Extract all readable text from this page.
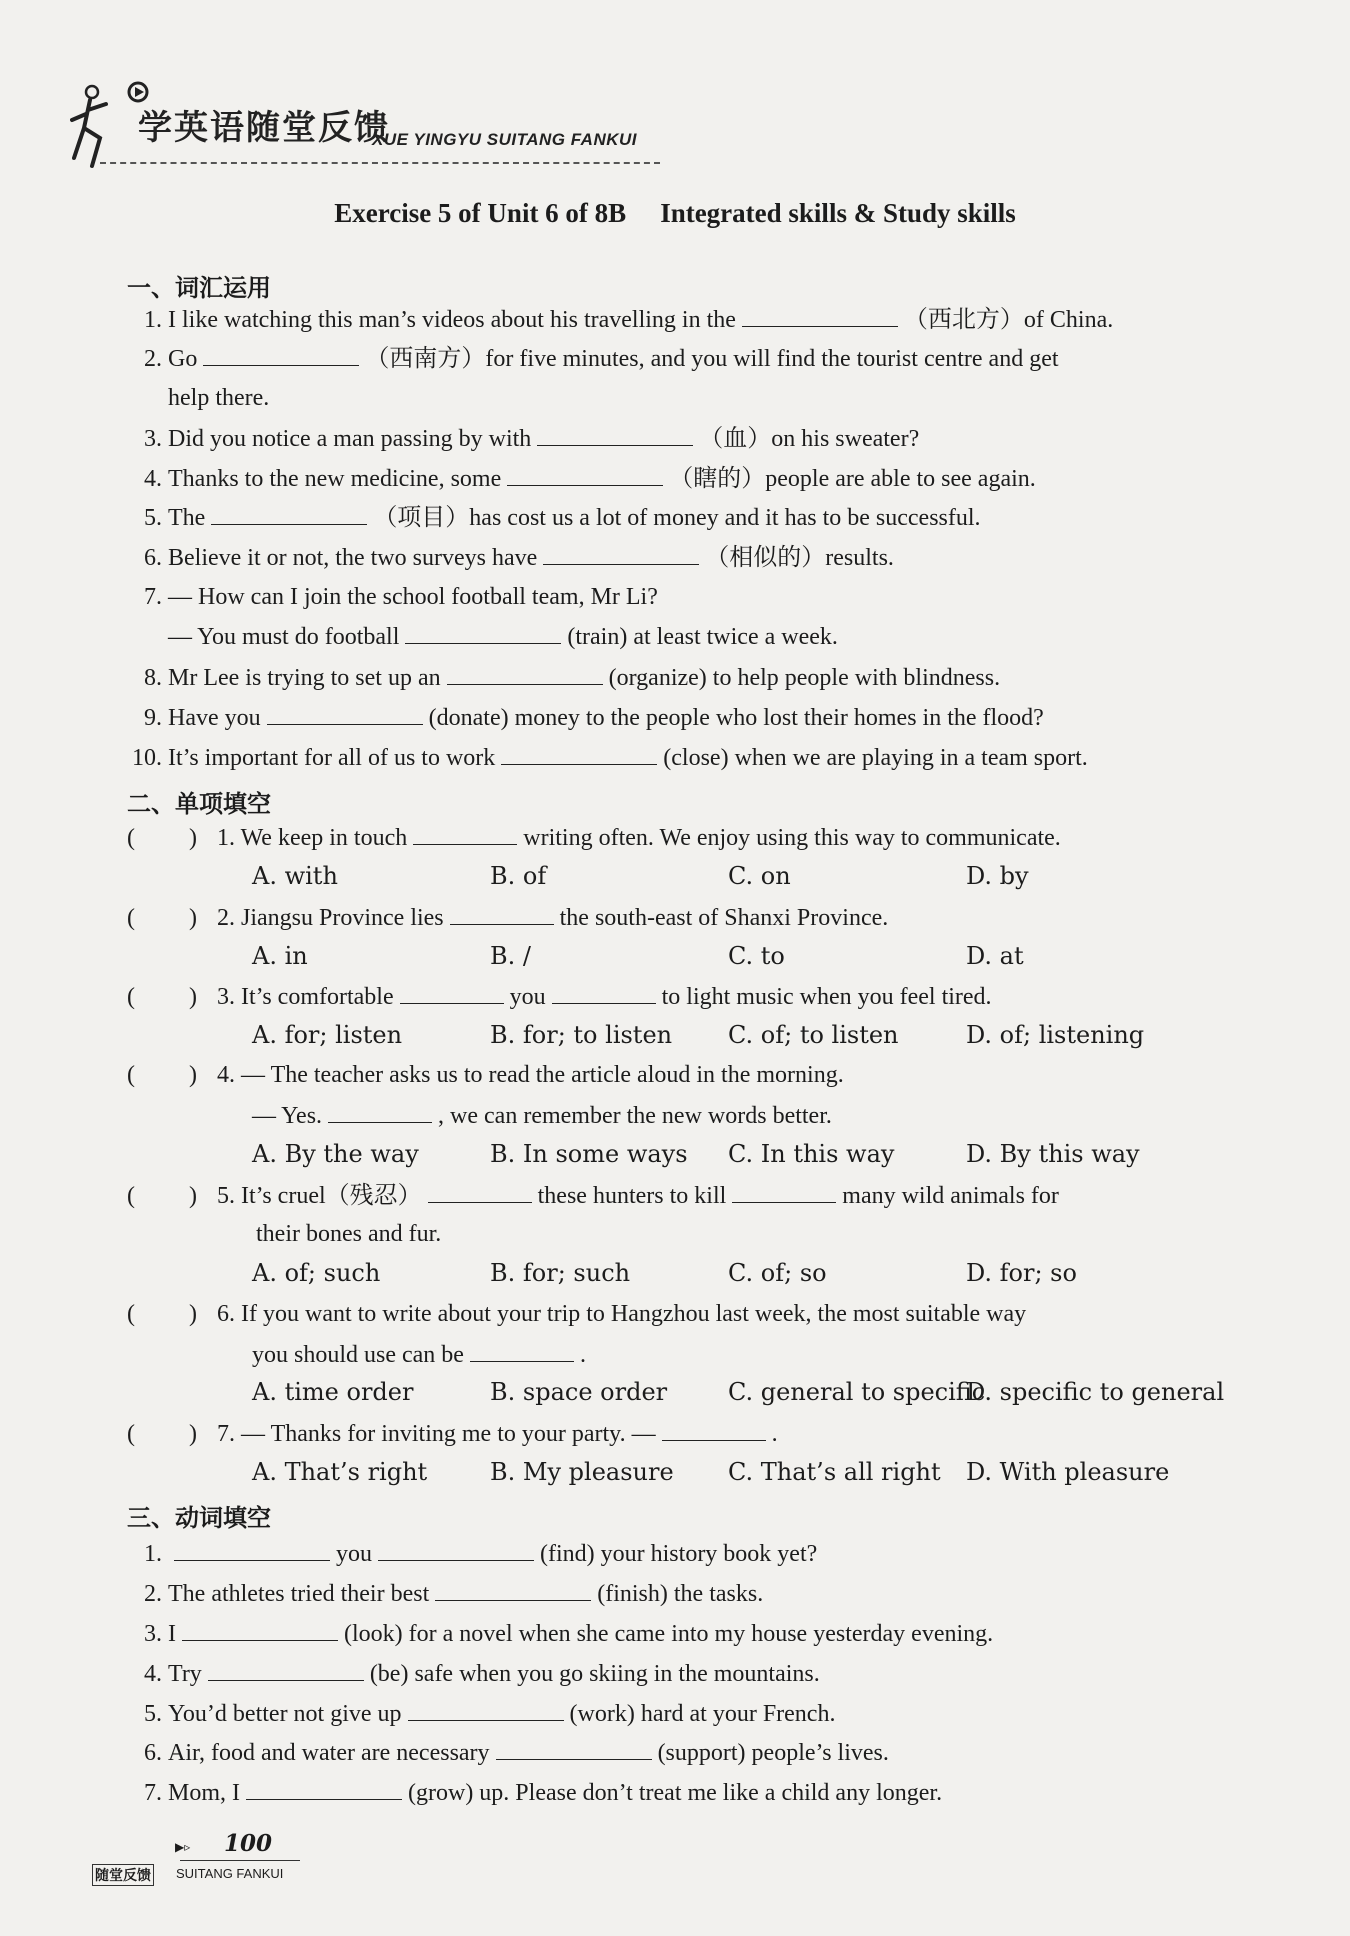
学英语随堂反馈
XUE YINGYU SUITANG FANKUI
Exercise 5 of Unit 6 of 8B Integrated skills & Study skills
一、词汇运用
1. I like watching this man’s videos about his travelling in the	（西北方）of China.
2. Go	（西南方）for five minutes, and you will find the tourist centre and get
help there.
3. Did you notice a man passing by with	（血）on his sweater?
4. Thanks to the new medicine, some	（瞎的）people are able to see again.
5. The	（项目）has cost us a lot of money and it has to be successful.
6. Believe it or not, the two surveys have	（相似的）results.
7. — How can I join the school football team, Mr Li?
— You must do football	(train) at least twice a week.
8. Mr Lee is trying to set up an	(organize) to help people with blindness.
9. Have you	(donate) money to the people who lost their homes in the flood?
10. It’s important for all of us to work	(close) when we are playing in a team sport.
二、单项填空
( ) 1. We keep in touch	writing often. We enjoy using this way to communicate.
A. with	B. of	C. on	D. by
( ) 2. Jiangsu Province lies	the south-east of Shanxi Province.
A. in	B. /	C. to	D. at
( ) 3. It’s comfortable	you	to light music when you feel tired.
A. for; listen	B. for; to listen C. of; to listen	D. of; listening
( ) 4. — The teacher asks us to read the article aloud in the morning.
— Yes.	, we can remember the new words better.
A. By the way	B. In some ways C. In this way	D. By this way
( ) 5. It’s cruel（残忍）	these hunters to kill	many wild animals for
their bones and fur.
A. of; such	B. for; such	C. of; so	D. for; so
( ) 6. If you want to write about your trip to Hangzhou last week, the most suitable way
you should use can be	.
A. time order	B. space order	C. general to specific
D. specific to general
( ) 7. — Thanks for inviting me to your party. —	.
A. That’s right	B. My pleasure C. That’s all right D. With pleasure
三、动词填空
1.	you	(find) your history book yet?
2. The athletes tried their best	(finish) the tasks.
3. I	(look) for a novel when she came into my house yesterday evening.
4. Try	(be) safe when you go skiing in the mountains.
5. You’d better not give up	(work) hard at your French.
6. Air, food and water are necessary	(support) people’s lives.
7. Mom, I	(grow) up. Please don’t treat me like a child any longer.
▶▹ 100
随堂反馈 SUITANG FANKUI
